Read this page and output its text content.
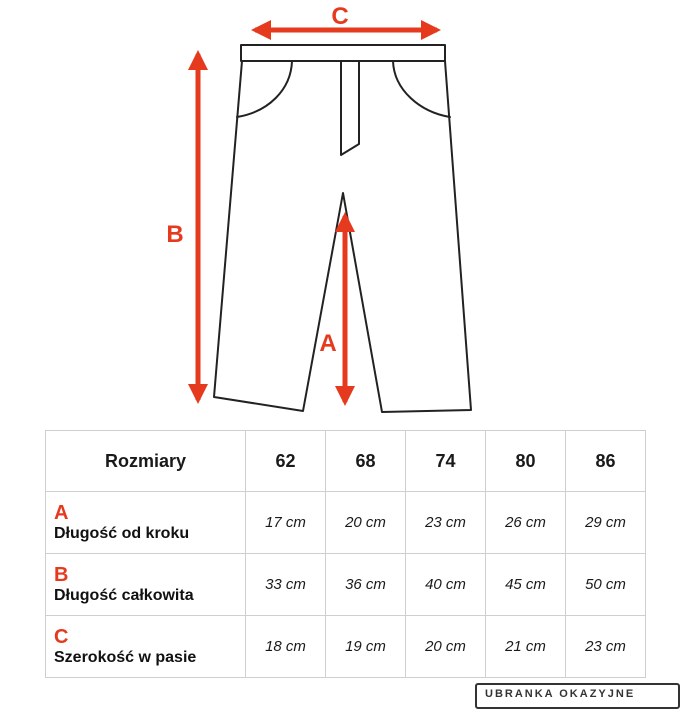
C
B
A
Rozmiary	62	68	74	80	86

A
Długość od kroku	17 cm	20 cm	23 cm	26 cm	29 cm

B
Długość całkowita	33 cm	36 cm	40 cm	45 cm	50 cm

C
Szerokość w pasie	18 cm	19 cm	20 cm	21 cm	23 cm
UBRANKA OKAZYJNE
